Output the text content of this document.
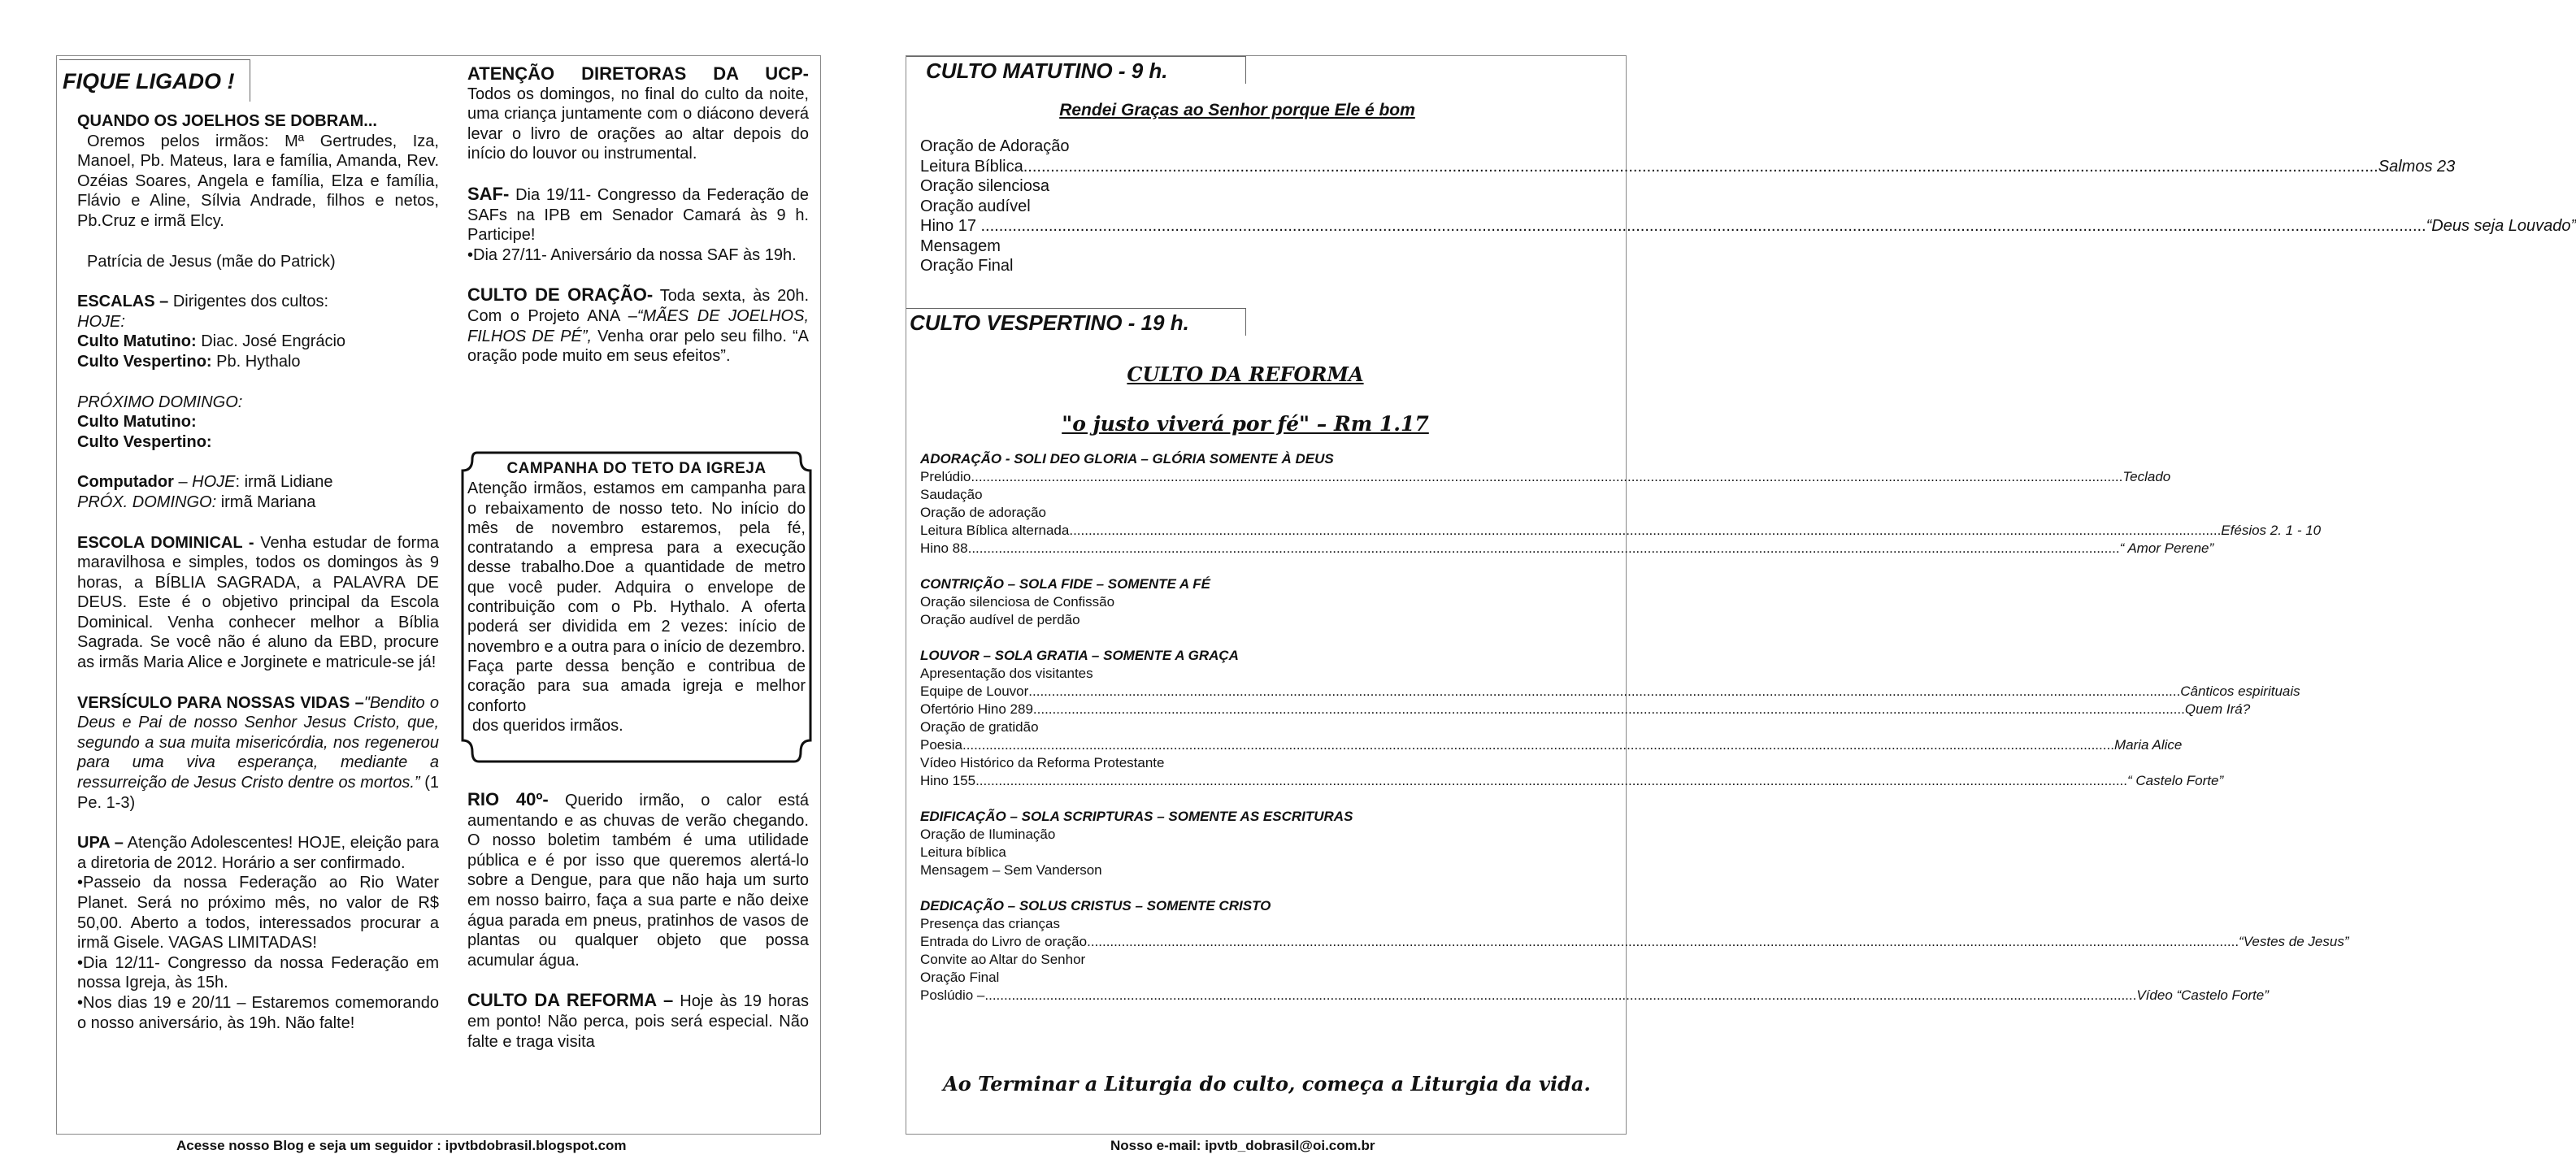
FIQUE LIGADO !
QUANDO OS JOELHOS SE DOBRAM...
Oremos pelos irmãos: Mª Gertrudes, Iza, Manoel, Pb. Mateus, Iara e família, Amanda, Rev. Ozéias Soares, Angela e família, Elza e família, Flávio e Aline, Sílvia Andrade, filhos e netos, Pb.Cruz e irmã Elcy.
Patrícia de Jesus (mãe do Patrick)
ESCALAS – Dirigentes dos cultos:
HOJE:
Culto Matutino: Diac. José Engrácio
Culto Vespertino: Pb. Hythalo
PRÓXIMO DOMINGO:
Culto Matutino:
Culto Vespertino:
Computador – HOJE: irmã Lidiane
PRÓX. DOMINGO: irmã Mariana
ESCOLA DOMINICAL - Venha estudar de forma maravilhosa e simples, todos os domingos às 9 horas, a BÍBLIA SAGRADA, a PALAVRA DE DEUS. Este é o objetivo principal da Escola Dominical. Venha conhecer melhor a Bíblia Sagrada. Se você não é aluno da EBD, procure as irmãs Maria Alice e Jorginete e matricule-se já!
VERSÍCULO PARA NOSSAS VIDAS –"Bendito o Deus e Pai de nosso Senhor Jesus Cristo, que, segundo a sua muita misericórdia, nos regenerou para uma viva esperança, mediante a ressurreição de Jesus Cristo dentre os mortos.” (1 Pe. 1-3)
UPA – Atenção Adolescentes! HOJE, eleição para a diretoria de 2012. Horário a ser confirmado.
•Passeio da nossa Federação ao Rio Water Planet. Será no próximo mês, no valor de R$ 50,00. Aberto a todos, interessados procurar a irmã Gisele. VAGAS LIMITADAS!
•Dia 12/11- Congresso da nossa Federação em nossa Igreja, às 15h.
•Nos dias 19 e 20/11 – Estaremos comemorando o nosso aniversário, às 19h. Não falte!
ATENÇÃO DIRETORAS DA UCP-
Todos os domingos, no final do culto da noite, uma criança juntamente com o diácono deverá levar o livro de orações ao altar depois do início do louvor ou instrumental.
SAF- Dia 19/11- Congresso da Federação de SAFs na IPB em Senador Camará às 9 h. Participe!
•Dia 27/11- Aniversário da nossa SAF às 19h.
CULTO DE ORAÇÃO- Toda sexta, às 20h. Com o Projeto ANA –“MÃES DE JOELHOS, FILHOS DE PÉ”, Venha orar pelo seu filho. “A oração pode muito em seus efeitos”.
CAMPANHA DO TETO DA IGREJA
Atenção irmãos, estamos em campanha para o rebaixamento de nosso teto. No início do mês de novembro estaremos, pela fé, contratando a empresa para a execução desse trabalho.Doe a quantidade de metro que você puder. Adquira o envelope de contribuição com o Pb. Hythalo. A oferta poderá ser dividida em 2 vezes: início de novembro e a outra para o início de dezembro. Faça parte dessa benção e contribua de coração para sua amada igreja e melhor conforto
dos queridos irmãos.
RIO 40º- Querido irmão, o calor está aumentando e as chuvas de verão chegando. O nosso boletim também é uma utilidade pública e é por isso que queremos alertá-lo sobre a Dengue, para que não haja um surto em nosso bairro, faça a sua parte e não deixe água parada em pneus, pratinhos de vasos de plantas ou qualquer objeto que possa acumular água.
CULTO DA REFORMA – Hoje às 19 horas em ponto! Não perca, pois será especial. Não falte e traga visita
Acesse nosso Blog e seja um seguidor : ipvtbdobrasil.blogspot.com
CULTO MATUTINO - 9 h.
Rendei Graças ao Senhor porque Ele é bom
Oração de Adoração
Leitura Bíblica ............................................................................................................................................................................................................................................................................................................ Salmos 23
Oração silenciosa
Oração audível
Hino 17 .................... ............................................................................................................................................................................................................................................................................................................ “Deus seja Louvado”
Mensagem
Oração Final
CULTO VESPERTINO - 19 h.
CULTO DA REFORMA
"o justo viverá por fé" – Rm 1.17
ADORAÇÃO - SOLI DEO GLORIA – GLÓRIA SOMENTE À DEUS
Prelúdio ............................................................................................................................................................................................................................................................................................................ Teclado
Saudação
Oração de adoração
Leitura Bíblica alternada ............................................................................................................................................................................................................................................................................................................ Efésios 2. 1 - 10
Hino 88 ............................................................................................................................................................................................................................................................................................................ “ Amor Perene”
CONTRIÇÃO – SOLA FIDE – SOMENTE A FÉ
Oração silenciosa de Confissão
Oração audível de perdão
LOUVOR – SOLA GRATIA – SOMENTE A GRAÇA
Apresentação dos visitantes
Equipe de Louvor ............................................................................................................................................................................................................................................................................................................ Cânticos espirituais
Ofertório Hino 289 ............................................................................................................................................................................................................................................................................................................ Quem Irá?
Oração de gratidão
Poesia ............................................................................................................................................................................................................................................................................................................ Maria Alice
Vídeo Histórico da Reforma Protestante
Hino 155 ............................................................................................................................................................................................................................................................................................................ “ Castelo Forte”
EDIFICAÇÃO – SOLA SCRIPTURAS – SOMENTE AS ESCRITURAS
Oração de Iluminação
Leitura bíblica
Mensagem – Sem Vanderson
DEDICAÇÃO – SOLUS CRISTUS – SOMENTE CRISTO
Presença das crianças
Entrada do Livro de oração ............................................................................................................................................................................................................................................................................................................ “Vestes de Jesus”
Convite ao Altar do Senhor
Oração Final
Poslúdio – ............................................................................................................................................................................................................................................................................................................ Vídeo “Castelo Forte”
Ao Terminar a Liturgia do culto, começa a Liturgia da vida.
Nosso e-mail: ipvtb_dobrasil@oi.com.br
